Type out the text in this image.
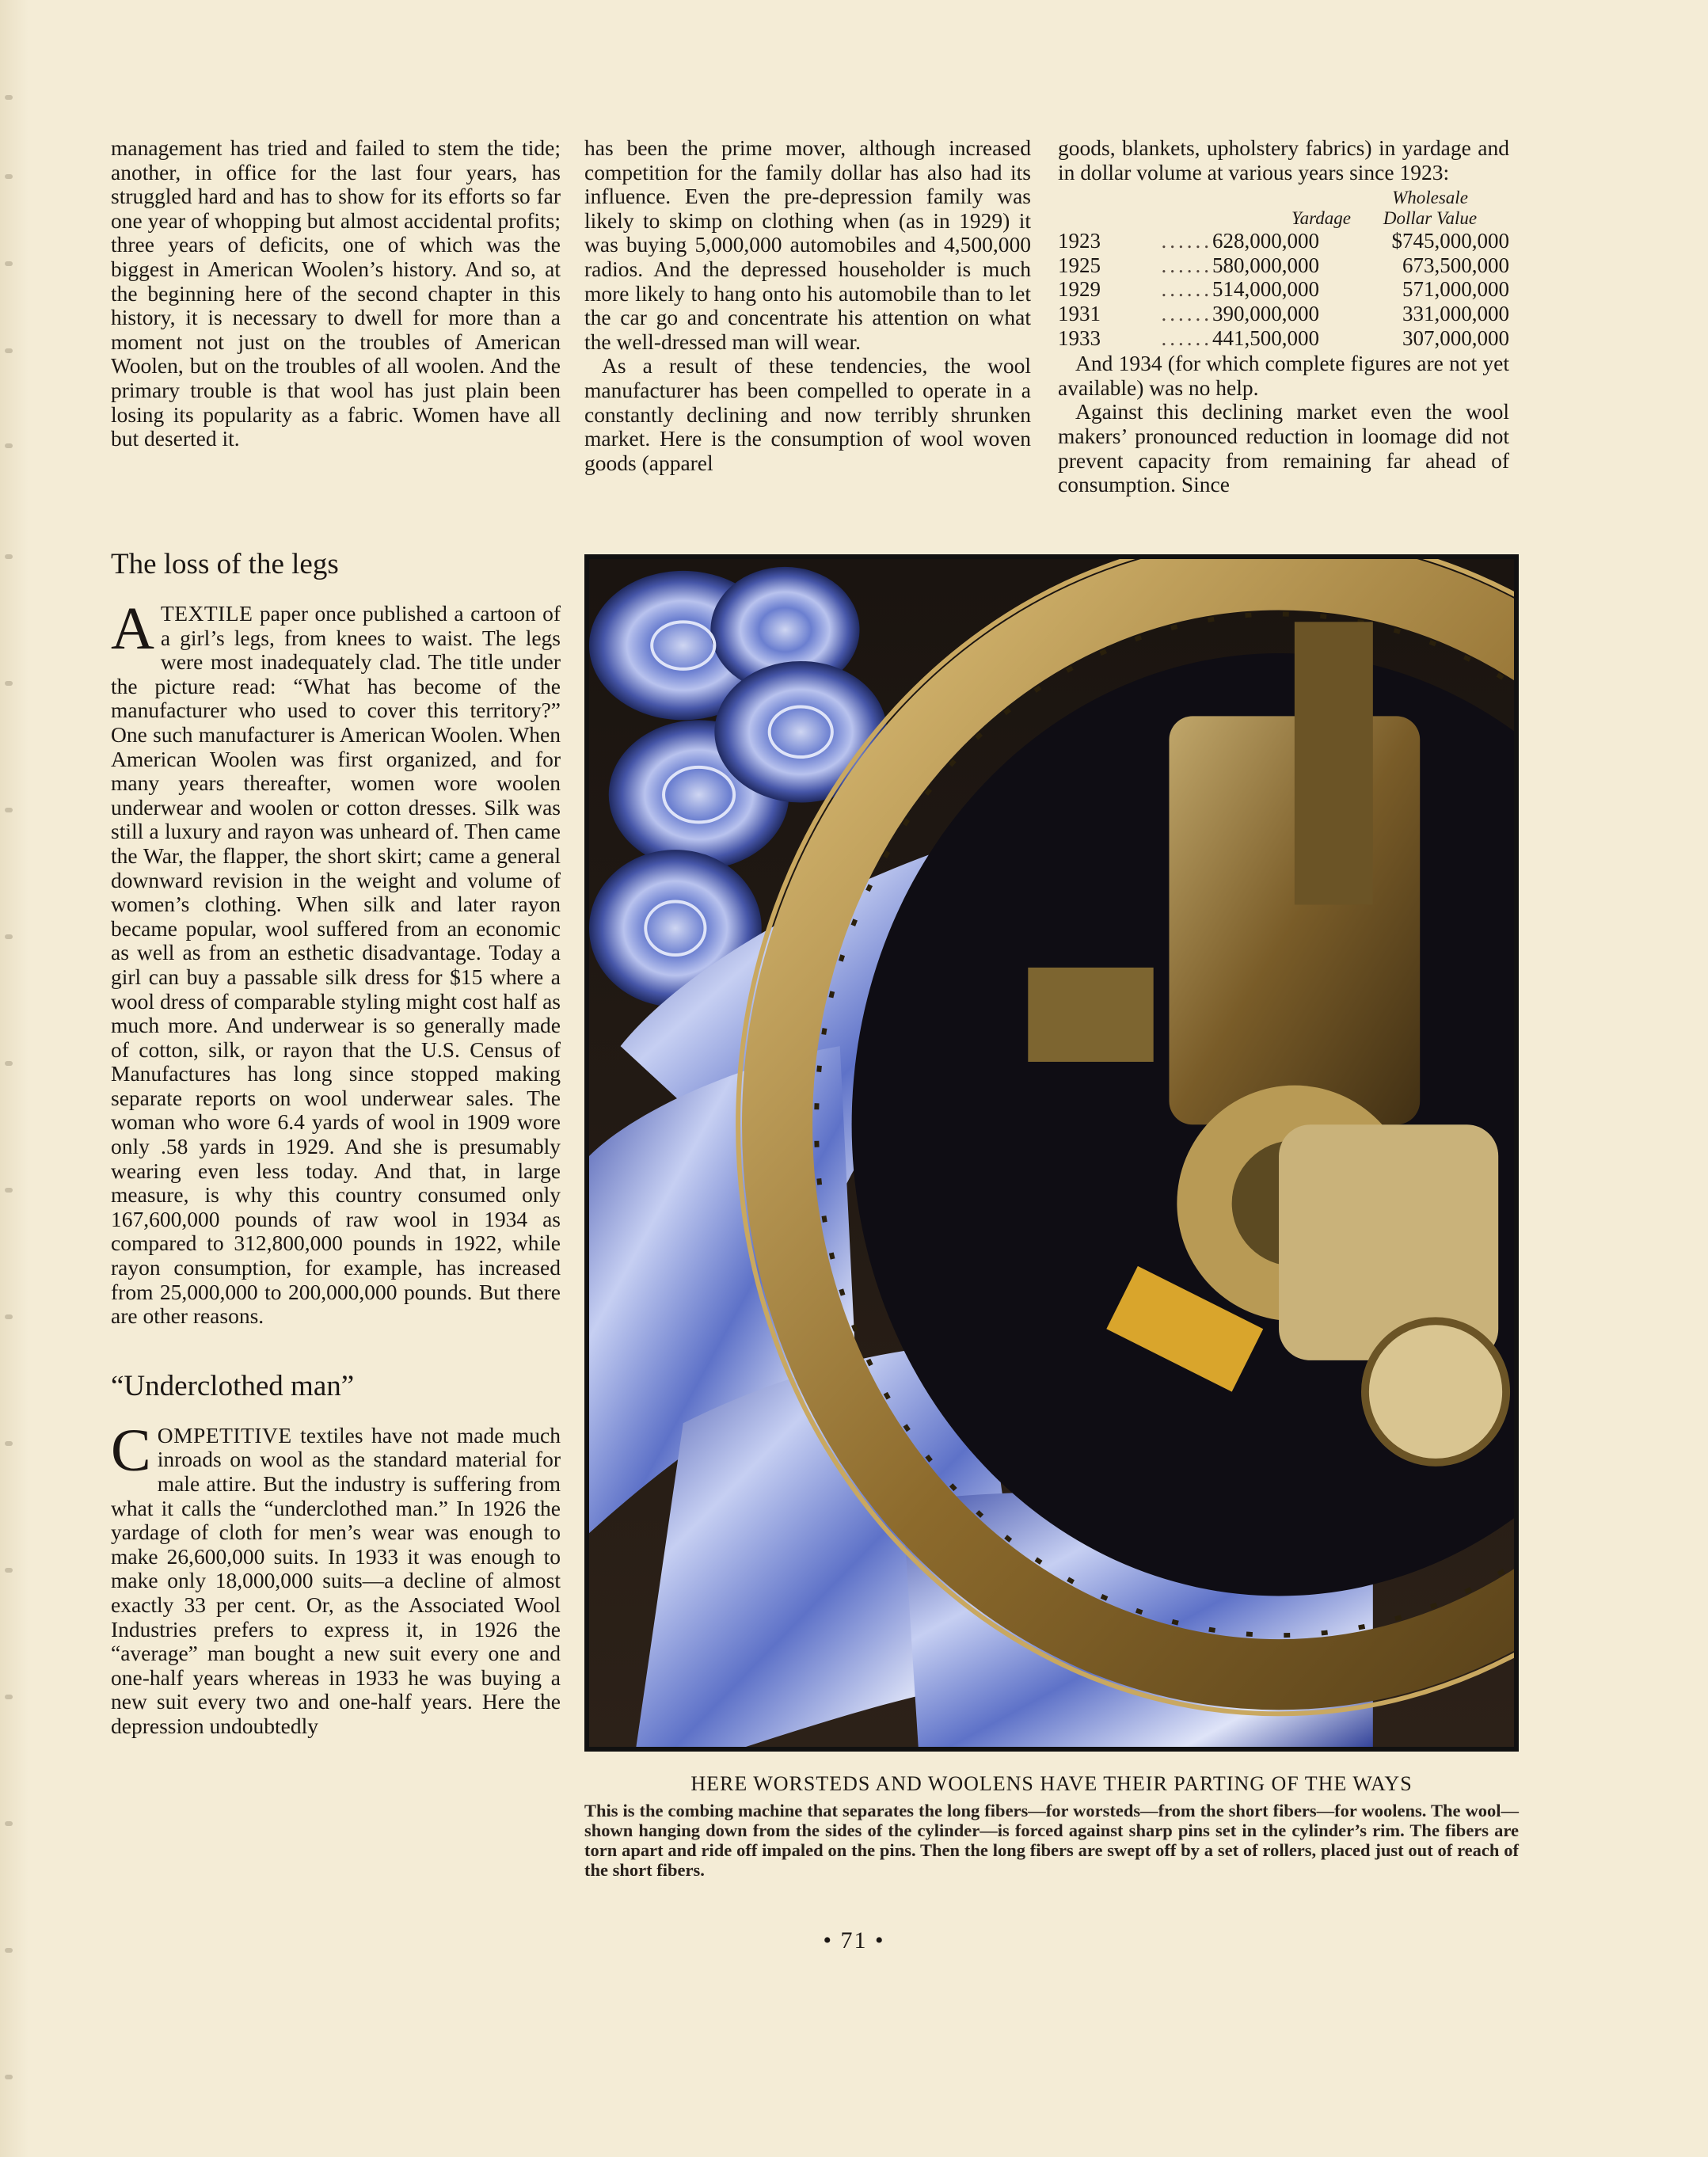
management has tried and failed to stem the tide; another, in office for the last four years, has struggled hard and has to show for its efforts so far one year of whopping but almost accidental profits; three years of deficits, one of which was the biggest in American Woolen’s history. And so, at the beginning here of the second chapter in this history, it is necessary to dwell for more than a moment not just on the troubles of American Woolen, but on the troubles of all woolen. And the primary trouble is that wool has just plain been losing its popularity as a fabric. Women have all but deserted it.

The loss of the legs

ATEXTILE paper once published a cartoon of a girl’s legs, from knees to waist. The legs were most inadequately clad. The title under the picture read: “What has become of the manufacturer who used to cover this territory?” One such manufacturer is American Woolen. When American Woolen was first organized, and for many years thereafter, women wore woolen underwear and woolen or cotton dresses. Silk was still a luxury and rayon was unheard of. Then came the War, the flapper, the short skirt; came a general downward revision in the weight and volume of women’s clothing. When silk and later rayon became popular, wool suffered from an economic as well as from an esthetic disadvantage. Today a girl can buy a passable silk dress for $15 where a wool dress of comparable styling might cost half as much more. And underwear is so generally made of cotton, silk, or rayon that the U.S. Census of Manufactures has long since stopped making separate reports on wool underwear sales. The woman who wore 6.4 yards of wool in 1909 wore only .58 yards in 1929. And she is presumably wearing even less today. And that, in large measure, is why this country consumed only 167,600,000 pounds of raw wool in 1934 as compared to 312,800,000 pounds in 1922, while rayon consumption, for example, has increased from 25,000,000 to 200,000,000 pounds. But there are other reasons.

“Underclothed man”

COMPETITIVE textiles have not made much inroads on wool as the standard material for male attire. But the industry is suffering from what it calls the “underclothed man.” In 1926 the yardage of cloth for men’s wear was enough to make 26,600,000 suits. In 1933 it was enough to make only 18,000,000 suits—a decline of almost exactly 33 per cent. Or, as the Associated Wool Industries prefers to express it, in 1926 the “average” man bought a new suit every one and one-half years whereas in 1933 he was buying a new suit every two and one-half years. Here the depression undoubtedly

has been the prime mover, although increased competition for the family dollar has also had its influence. Even the pre-depression family was likely to skimp on clothing when (as in 1929) it was buying 5,000,000 automobiles and 4,500,000 radios. And the depressed householder is much more likely to hang onto his automobile than to let the car go and concentrate his attention on what the well-dressed man will wear.

As a result of these tendencies, the wool manufacturer has been compelled to operate in a constantly declining and now terribly shrunken market. Here is the consumption of wool woven goods (apparel

goods, blankets, upholstery fabrics) in yardage and in dollar volume at various years since 1923:

Yardage
Wholesale
Dollar Value
1923	......628,000,000	$745,000,000
1925	......580,000,000	673,500,000
1929	......514,000,000	571,000,000
1931	......390,000,000	331,000,000
1933	......441,500,000	307,000,000

And 1934 (for which complete figures are not yet available) was no help.

Against this declining market even the wool makers’ pronounced reduction in loomage did not prevent capacity from remaining far ahead of consumption. Since

HERE WORSTEDS AND WOOLENS HAVE THEIR PARTING OF THE WAYS
This is the combing machine that separates the long fibers—for worsteds—from the short fibers—for woolens. The wool—shown hanging down from the sides of the cylinder—is forced against sharp pins set in the cylinder’s rim. The fibers are torn apart and ride off impaled on the pins. Then the long fibers are swept off by a set of rollers, placed just out of reach of the short fibers.
• 71 •
